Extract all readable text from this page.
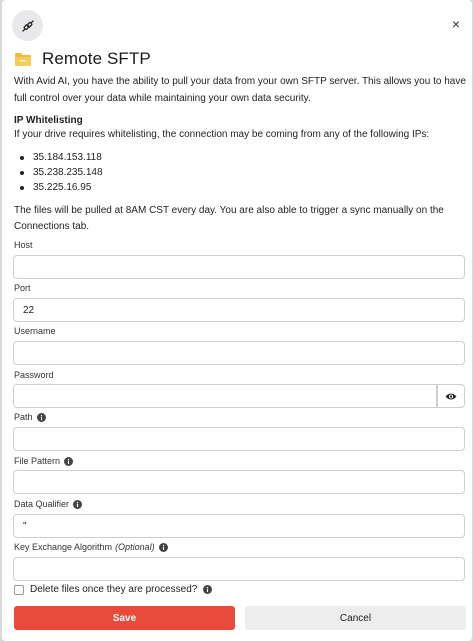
×
Remote SFTP
With Avid AI, you have the ability to pull your data from your own SFTP server. This allows you to have full control over your data while maintaining your own data security.
IP Whitelisting
If your drive requires whitelisting, the connection may be coming from any of the following IPs:
35.184.153.118
35.238.235.148
35.225.16.95
The files will be pulled at 8AM CST every day. You are also able to trigger a sync manually on the Connections tab.
Host
Port
22
Username
Password
Path
File Pattern
Data Qualifier
"
Key Exchange Algorithm (Optional)
Delete files once they are processed?
Save	Cancel
